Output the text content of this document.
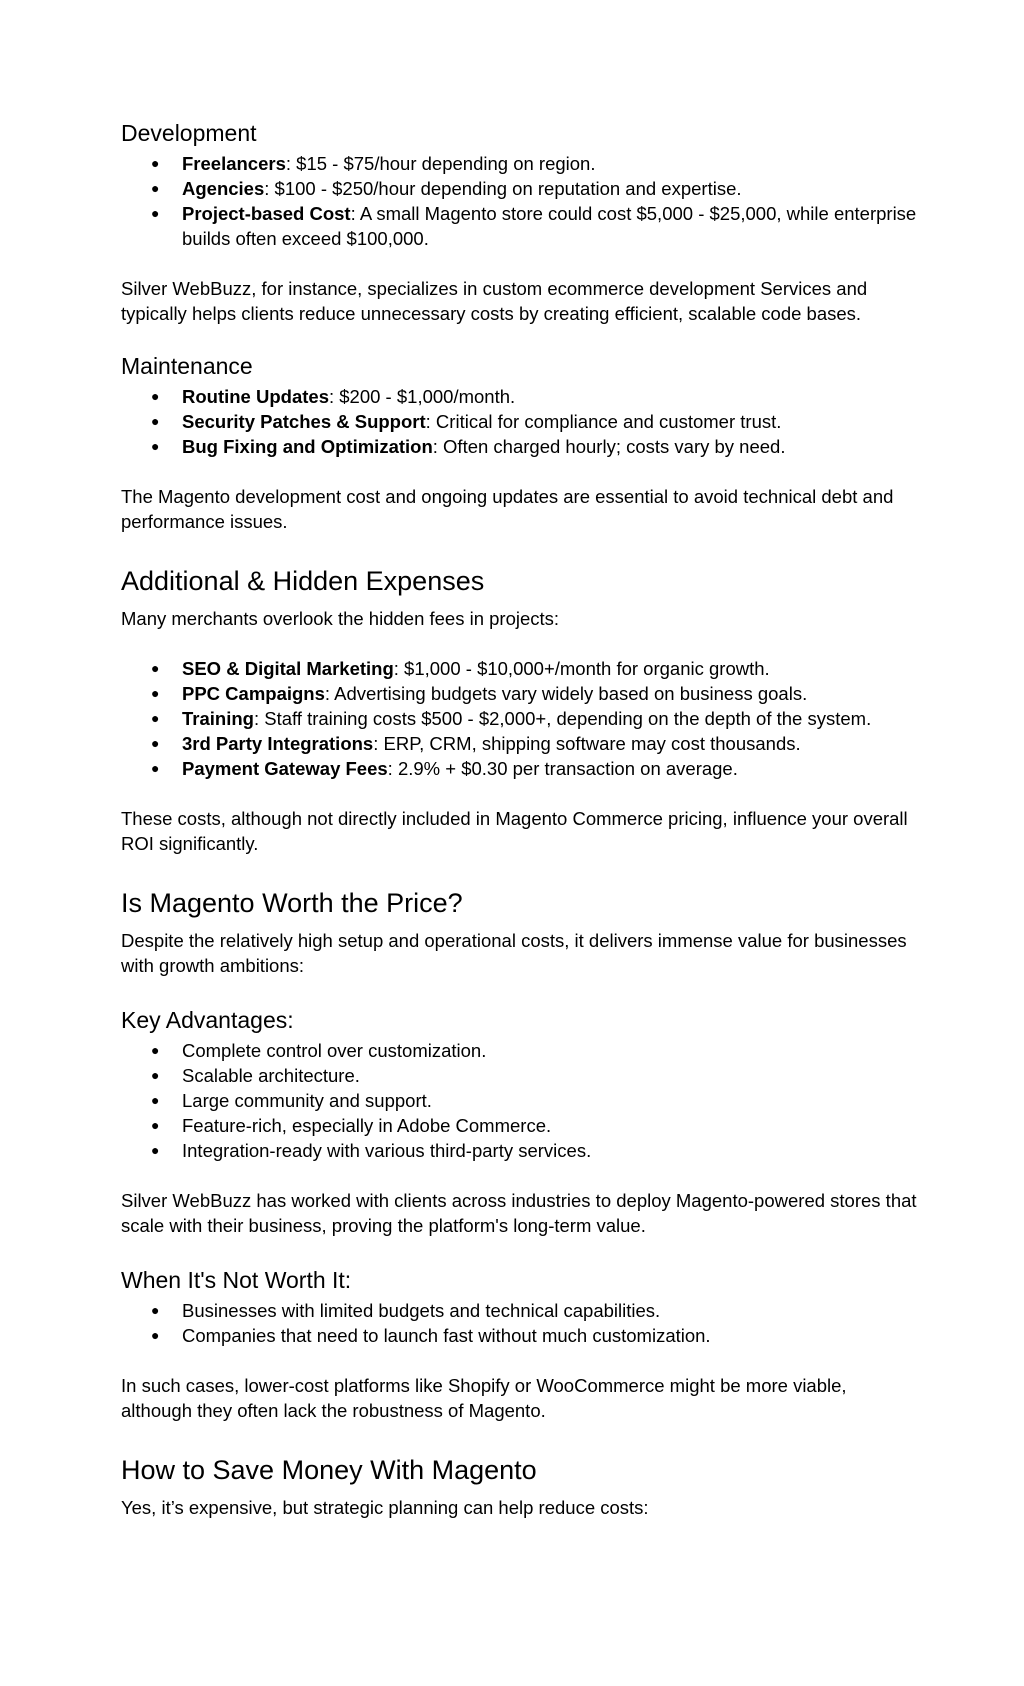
Development
● Freelancers: $15 - $75/hour depending on region.
● Agencies: $100 - $250/hour depending on reputation and expertise.
● Project-based Cost: A small Magento store could cost $5,000 - $25,000, while enterprise builds often exceed $100,000.

Silver WebBuzz, for instance, specializes in custom ecommerce development Services and typically helps clients reduce unnecessary costs by creating efficient, scalable code bases.

Maintenance
● Routine Updates: $200 - $1,000/month.
● Security Patches & Support: Critical for compliance and customer trust.
● Bug Fixing and Optimization: Often charged hourly; costs vary by need.

The Magento development cost and ongoing updates are essential to avoid technical debt and performance issues.

Additional & Hidden Expenses

Many merchants overlook the hidden fees in projects:

● SEO & Digital Marketing: $1,000 - $10,000+/month for organic growth.
● PPC Campaigns: Advertising budgets vary widely based on business goals.
● Training: Staff training costs $500 - $2,000+, depending on the depth of the system.
● 3rd Party Integrations: ERP, CRM, shipping software may cost thousands.
● Payment Gateway Fees: 2.9% + $0.30 per transaction on average.

These costs, although not directly included in Magento Commerce pricing, influence your overall ROI significantly.

Is Magento Worth the Price?

Despite the relatively high setup and operational costs, it delivers immense value for businesses with growth ambitions:

Key Advantages:
● Complete control over customization.
● Scalable architecture.
● Large community and support.
● Feature-rich, especially in Adobe Commerce.
● Integration-ready with various third-party services.

Silver WebBuzz has worked with clients across industries to deploy Magento-powered stores that scale with their business, proving the platform's long-term value.

When It's Not Worth It:
● Businesses with limited budgets and technical capabilities.
● Companies that need to launch fast without much customization.

In such cases, lower-cost platforms like Shopify or WooCommerce might be more viable, although they often lack the robustness of Magento.

How to Save Money With Magento

Yes, it’s expensive, but strategic planning can help reduce costs:
